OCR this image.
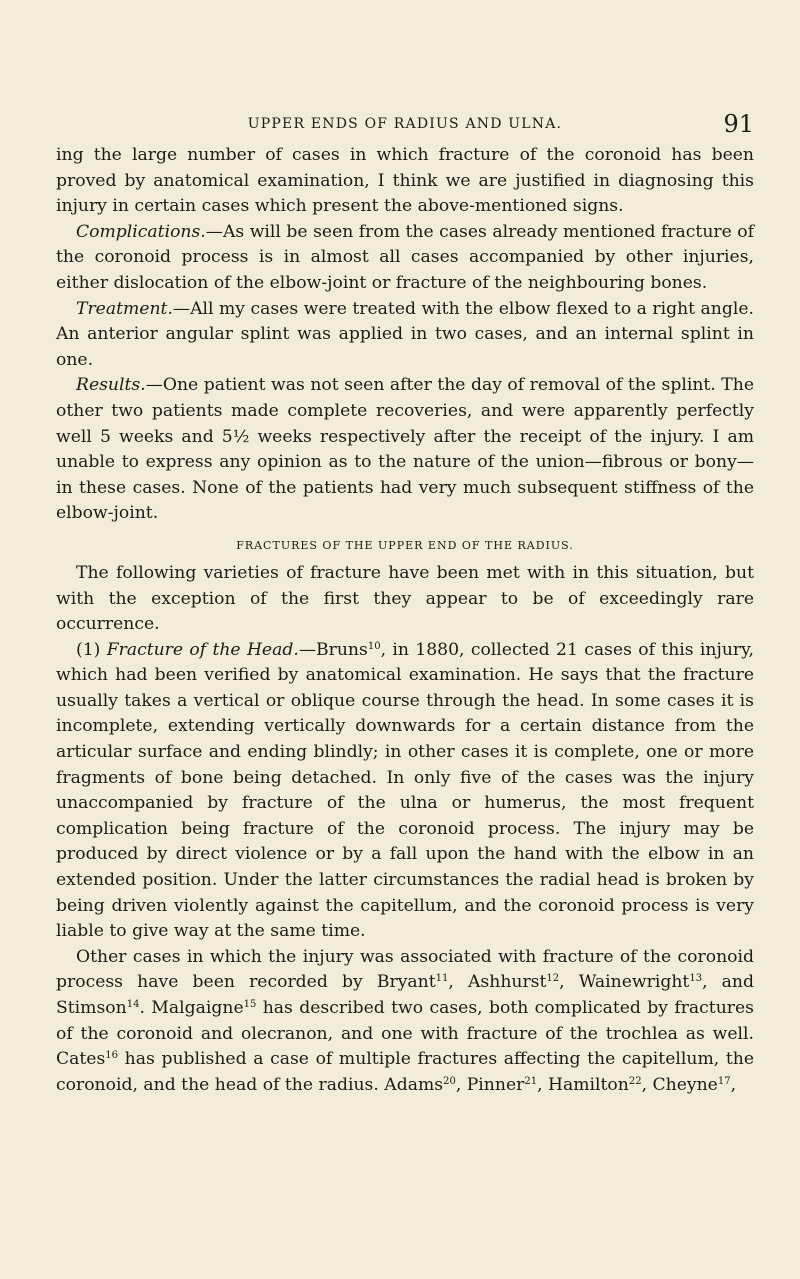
UPPER ENDS OF RADIUS AND ULNA.	91

ing the large number of cases in which fracture of the coronoid has been proved by anatomical examination, I think we are justified in diagnosing this injury in certain cases which present the above-mentioned signs.

Complications.—As will be seen from the cases already mentioned fracture of the coronoid process is in almost all cases accompanied by other injuries, either dislocation of the elbow-joint or fracture of the neighbouring bones.

Treatment.—All my cases were treated with the elbow flexed to a right angle. An anterior angular splint was applied in two cases, and an internal splint in one.

Results.—One patient was not seen after the day of removal of the splint. The other two patients made complete recoveries, and were apparently perfectly well 5 weeks and 5½ weeks respectively after the receipt of the injury. I am unable to express any opinion as to the nature of the union—fibrous or bony—in these cases. None of the patients had very much subsequent stiffness of the elbow-joint.

FRACTURES OF THE UPPER END OF THE RADIUS.

The following varieties of fracture have been met with in this situation, but with the exception of the first they appear to be of exceedingly rare occurrence.

(1) Fracture of the Head.—Bruns$^{10}$, in 1880, collected 21 cases of this injury, which had been verified by anatomical examination. He says that the fracture usually takes a vertical or oblique course through the head. In some cases it is incomplete, extending vertically downwards for a certain distance from the articular surface and ending blindly; in other cases it is complete, one or more fragments of bone being detached. In only five of the cases was the injury unaccompanied by fracture of the ulna or humerus, the most frequent complication being fracture of the coronoid process. The injury may be produced by direct violence or by a fall upon the hand with the elbow in an extended position. Under the latter circumstances the radial head is broken by being driven violently against the capitellum, and the coronoid process is very liable to give way at the same time.

Other cases in which the injury was associated with fracture of the coronoid process have been recorded by Bryant$^{11}$, Ashhurst$^{12}$, Wainewright$^{13}$, and Stimson$^{14}$. Malgaigne$^{15}$ has described two cases, both complicated by fractures of the coronoid and olecranon, and one with fracture of the trochlea as well. Cates$^{16}$ has published a case of multiple fractures affecting the capitellum, the coronoid, and the head of the radius. Adams$^{20}$, Pinner$^{21}$, Hamilton$^{22}$, Cheyne$^{17}$,
